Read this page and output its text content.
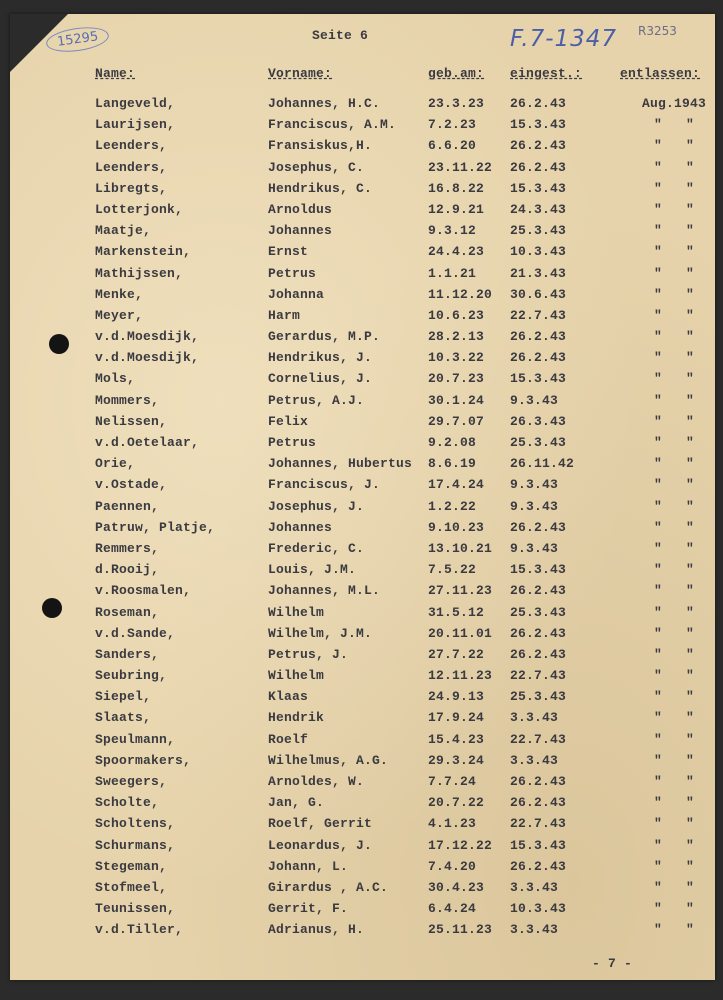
15295	Seite 6	F.7-1347 R3253
Name:	Vorname:	geb.am: eingest.:	entlassen:
Langeveld,	Johannes, H.C.	23.3.23 26.2.43	Aug.1943
Laurijsen,	Franciscus, A.M. 7.2.23	15.3.43	" "
Leenders,	Fransiskus,H.	6.6.20	26.2.43	" "
Leenders,	Josephus, C.	23.11.22 26.2.43	" "
Libregts,	Hendrikus, C.	16.8.22 15.3.43	" "
Lotterjonk,	Arnoldus	12.9.21 24.3.43	" "
Maatje,	Johannes	9.3.12	25.3.43	" "
Markenstein,	Ernst	24.4.23 10.3.43	" "
Mathijssen,	Petrus	1.1.21	21.3.43	" "
Menke,	Johanna	11.12.20 30.6.43	" "
Meyer,	Harm	10.6.23 22.7.43	" "
v.d.Moesdijk,	Gerardus, M.P.	28.2.13 26.2.43	" "
v.d.Moesdijk,	Hendrikus, J.	10.3.22 26.2.43	" "
Mols,	Cornelius, J.	20.7.23 15.3.43	" "
Mommers,	Petrus, A.J.	30.1.24 9.3.43	" "
Nelissen,	Felix	29.7.07 26.3.43	" "
v.d.Oetelaar,	Petrus	9.2.08	25.3.43	" "
Orie,	Johannes, Hubertus 8.6.19	26.11.42	" "
v.Ostade,	Franciscus, J.	17.4.24 9.3.43	" "
Paennen,	Josephus, J.	1.2.22	9.3.43	" "
Patruw, Platje,	Johannes	9.10.23 26.2.43	" "
Remmers,	Frederic, C.	13.10.21 9.3.43	" "
d.Rooij,	Louis, J.M.	7.5.22	15.3.43	" "
v.Roosmalen,	Johannes, M.L.	27.11.23 26.2.43	" "
Roseman,	Wilhelm	31.5.12 25.3.43	" "
v.d.Sande,	Wilhelm, J.M.	20.11.01 26.2.43	" "
Sanders,	Petrus, J.	27.7.22 26.2.43	" "
Seubring,	Wilhelm	12.11.23 22.7.43	" "
Siepel,	Klaas	24.9.13 25.3.43	" "
Slaats,	Hendrik	17.9.24 3.3.43	" "
Speulmann,	Roelf	15.4.23 22.7.43	" "
Spoormakers,	Wilhelmus, A.G.	29.3.24 3.3.43	" "
Sweegers,	Arnoldes, W.	7.7.24	26.2.43	" "
Scholte,	Jan, G.	20.7.22 26.2.43	" "
Scholtens,	Roelf, Gerrit	4.1.23	22.7.43	" "
Schurmans,	Leonardus, J.	17.12.22 15.3.43	" "
Stegeman,	Johann, L.	7.4.20	26.2.43	" "
Stofmeel,	Girardus , A.C.	30.4.23 3.3.43	" "
Teunissen,	Gerrit, F.	6.4.24	10.3.43	" "
v.d.Tiller,	Adrianus, H.	25.11.23 3.3.43	" "
- 7 -
